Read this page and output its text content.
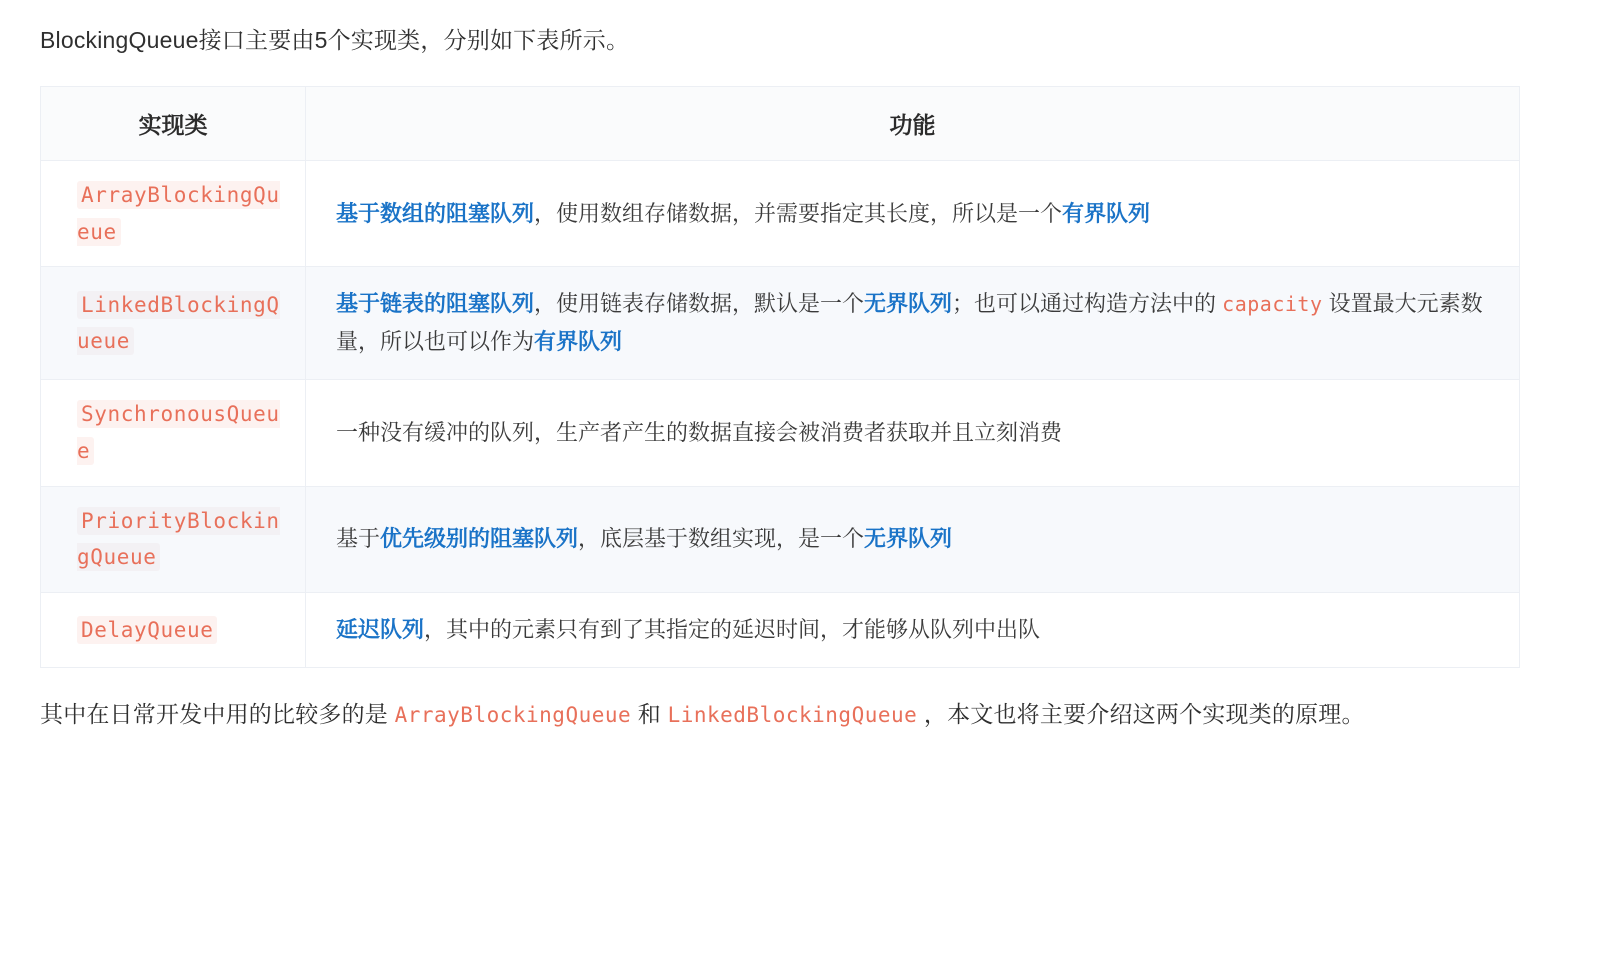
BlockingQueue接口主要由5个实现类，分别如下表所示。

实现类	功能
ArrayBlockingQueue	基于数组的阻塞队列，使用数组存储数据，并需要指定其长度，所以是一个有界队列
LinkedBlockingQueue	基于链表的阻塞队列，使用链表存储数据，默认是一个无界队列；也可以通过构造方法中的 capacity 设置最大元素数量，所以也可以作为有界队列
SynchronousQueue	一种没有缓冲的队列，生产者产生的数据直接会被消费者获取并且立刻消费
PriorityBlockingQueue	基于优先级别的阻塞队列，底层基于数组实现，是一个无界队列
DelayQueue	延迟队列，其中的元素只有到了其指定的延迟时间，才能够从队列中出队

其中在日常开发中用的比较多的是 ArrayBlockingQueue 和 LinkedBlockingQueue ，本文也将主要介绍这两个实现类的原理。
